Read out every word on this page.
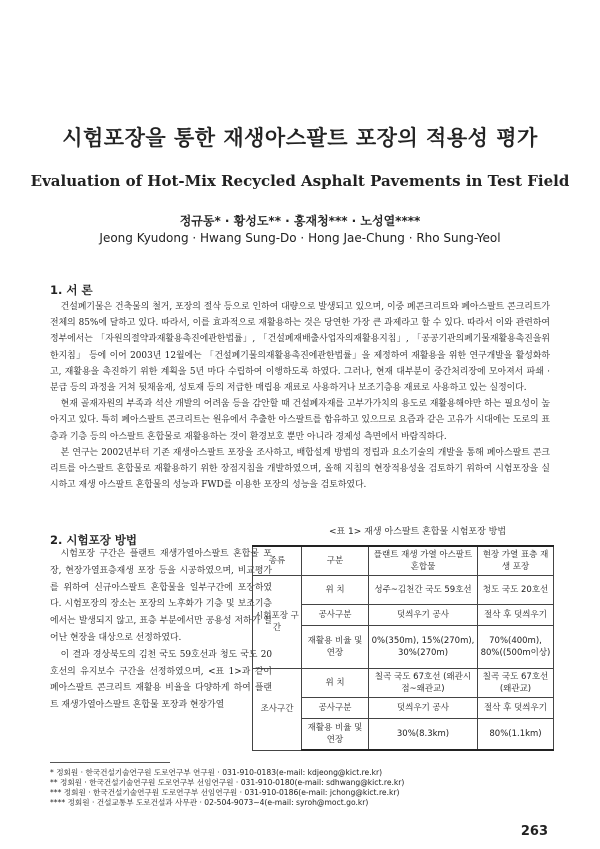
시험포장을 통한 재생아스팔트 포장의 적용성 평가
Evaluation of Hot-Mix Recycled Asphalt Pavements in Test Field
정규동* · 황성도** · 홍재청*** · 노성열****
Jeong Kyudong · Hwang Sung-Do · Hong Jae-Chung · Rho Sung-Yeol
1. 서 론

건설폐기물은 건축물의 철거, 포장의 절삭 등으로 인하여 대량으로 발생되고 있으며, 이중 폐콘크리트와 폐아스팔트 콘크리트가 전체의 85%에 달하고 있다. 따라서, 이를 효과적으로 재활용하는 것은 당연한 가장 큰 과제라고 할 수 있다. 따라서 이와 관련하여 정부에서는 「자원의절약과재활용촉진에관한법률」, 「건설폐재배출사업자의재활용지침」, 「공공기관의폐기물재활용촉진을위한지침」 등에 이어 2003년 12월에는 「건설폐기물의재활용촉진에관한법률」을 제정하여 재활용을 위한 연구개발을 활성화하고, 재활용을 촉진하기 위한 계획을 5년 마다 수립하여 이행하도록 하였다. 그러나, 현재 대부분이 중간처리장에 모아져서 파쇄 · 분급 등의 과정을 거쳐 뒷채움재, 성토재 등의 저급한 매립용 재료로 사용하거나 보조기층용 재료로 사용하고 있는 실정이다.

현재 골재자원의 부족과 석산 개발의 어려움 등을 감안할 때 건설폐자재를 고부가가치의 용도로 재활용해야만 하는 필요성이 높아지고 있다. 특히 폐아스팔트 콘크리트는 원유에서 추출한 아스팔트를 함유하고 있으므로 요즘과 같은 고유가 시대에는 도로의 표층과 기층 등의 아스팔트 혼합물로 재활용하는 것이 환경보호 뿐만 아니라 경제성 측면에서 바람직하다.

본 연구는 2002년부터 기존 재생아스팔트 포장을 조사하고, 배합설계 방법의 정립과 요소기술의 개발을 통해 폐아스팔트 콘크리트를 아스팔트 혼합물로 재활용하기 위한 장점지침을 개발하였으며, 올해 지침의 현장적용성을 검토하기 위하여 시험포장을 실시하고 재생 아스팔트 혼합물의 성능과 FWD를 이용한 포장의 성능을 검토하였다.

2. 시험포장 방법

시험포장 구간은 플랜트 재생가열아스팔트 혼합물 포장, 현장가열표층재생 포장 등을 시공하였으며, 비교평가를 위하여 신규아스팔트 혼합물을 일부구간에 포장하였다. 시험포장의 장소는 포장의 노후화가 기층 및 보조기층에서는 발생되지 않고, 표층 부분에서만 공용성 저하가 일어난 현장을 대상으로 선정하였다.

이 결과 경상북도의 김천 국도 59호선과 청도 국도 20호선의 유지보수 구간을 선정하였으며, <표 1>과 같이 폐아스팔트 콘크리트 재활용 비율을 다양하게 하여 플랜트 재생가열아스팔트 혼합물 포장과 현장가열

<표 1> 재생 아스팔트 혼합물 시험포장 방법
종류	구분	플랜트 재생 가열 아스팔트 혼합물	현장 가열 표층 재생 포장
시험포장 구간	위 치	성주~김천간 국도 59호선	청도 국도 20호선
	공사구분	덧씌우기 공사	절삭 후 덧씌우기
	재활용 비율 및 연장	0%(350m), 15%(270m), 30%(270m)	70%(400m), 80%((500m이상)
조사구간	위 치	칠곡 국도 67호선 (왜관시점~왜관교)	칠곡 국도 67호선 (왜관교)
	공사구분	덧씌우기 공사	절삭 후 덧씌우기
	재활용 비율 및 연장	30%(8.3km)	80%(1.1km)
* 정회원 · 한국건설기술연구원 도로연구부 연구원 · 031-910-0183(e-mail: kdjeong@kict.re.kr)
** 정회원 · 한국건설기술연구원 도로연구부 선임연구원 · 031-910-0180(e-mail: sdhwang@kict.re.kr)
*** 정회원 · 한국건설기술연구원 도로연구부 선임연구원 · 031-910-0186(e-mail: jchong@kict.re.kr)
**** 정회원 · 건설교통부 도로건설과 사무관 · 02-504-9073~4(e-mail: syroh@moct.go.kr)
263
